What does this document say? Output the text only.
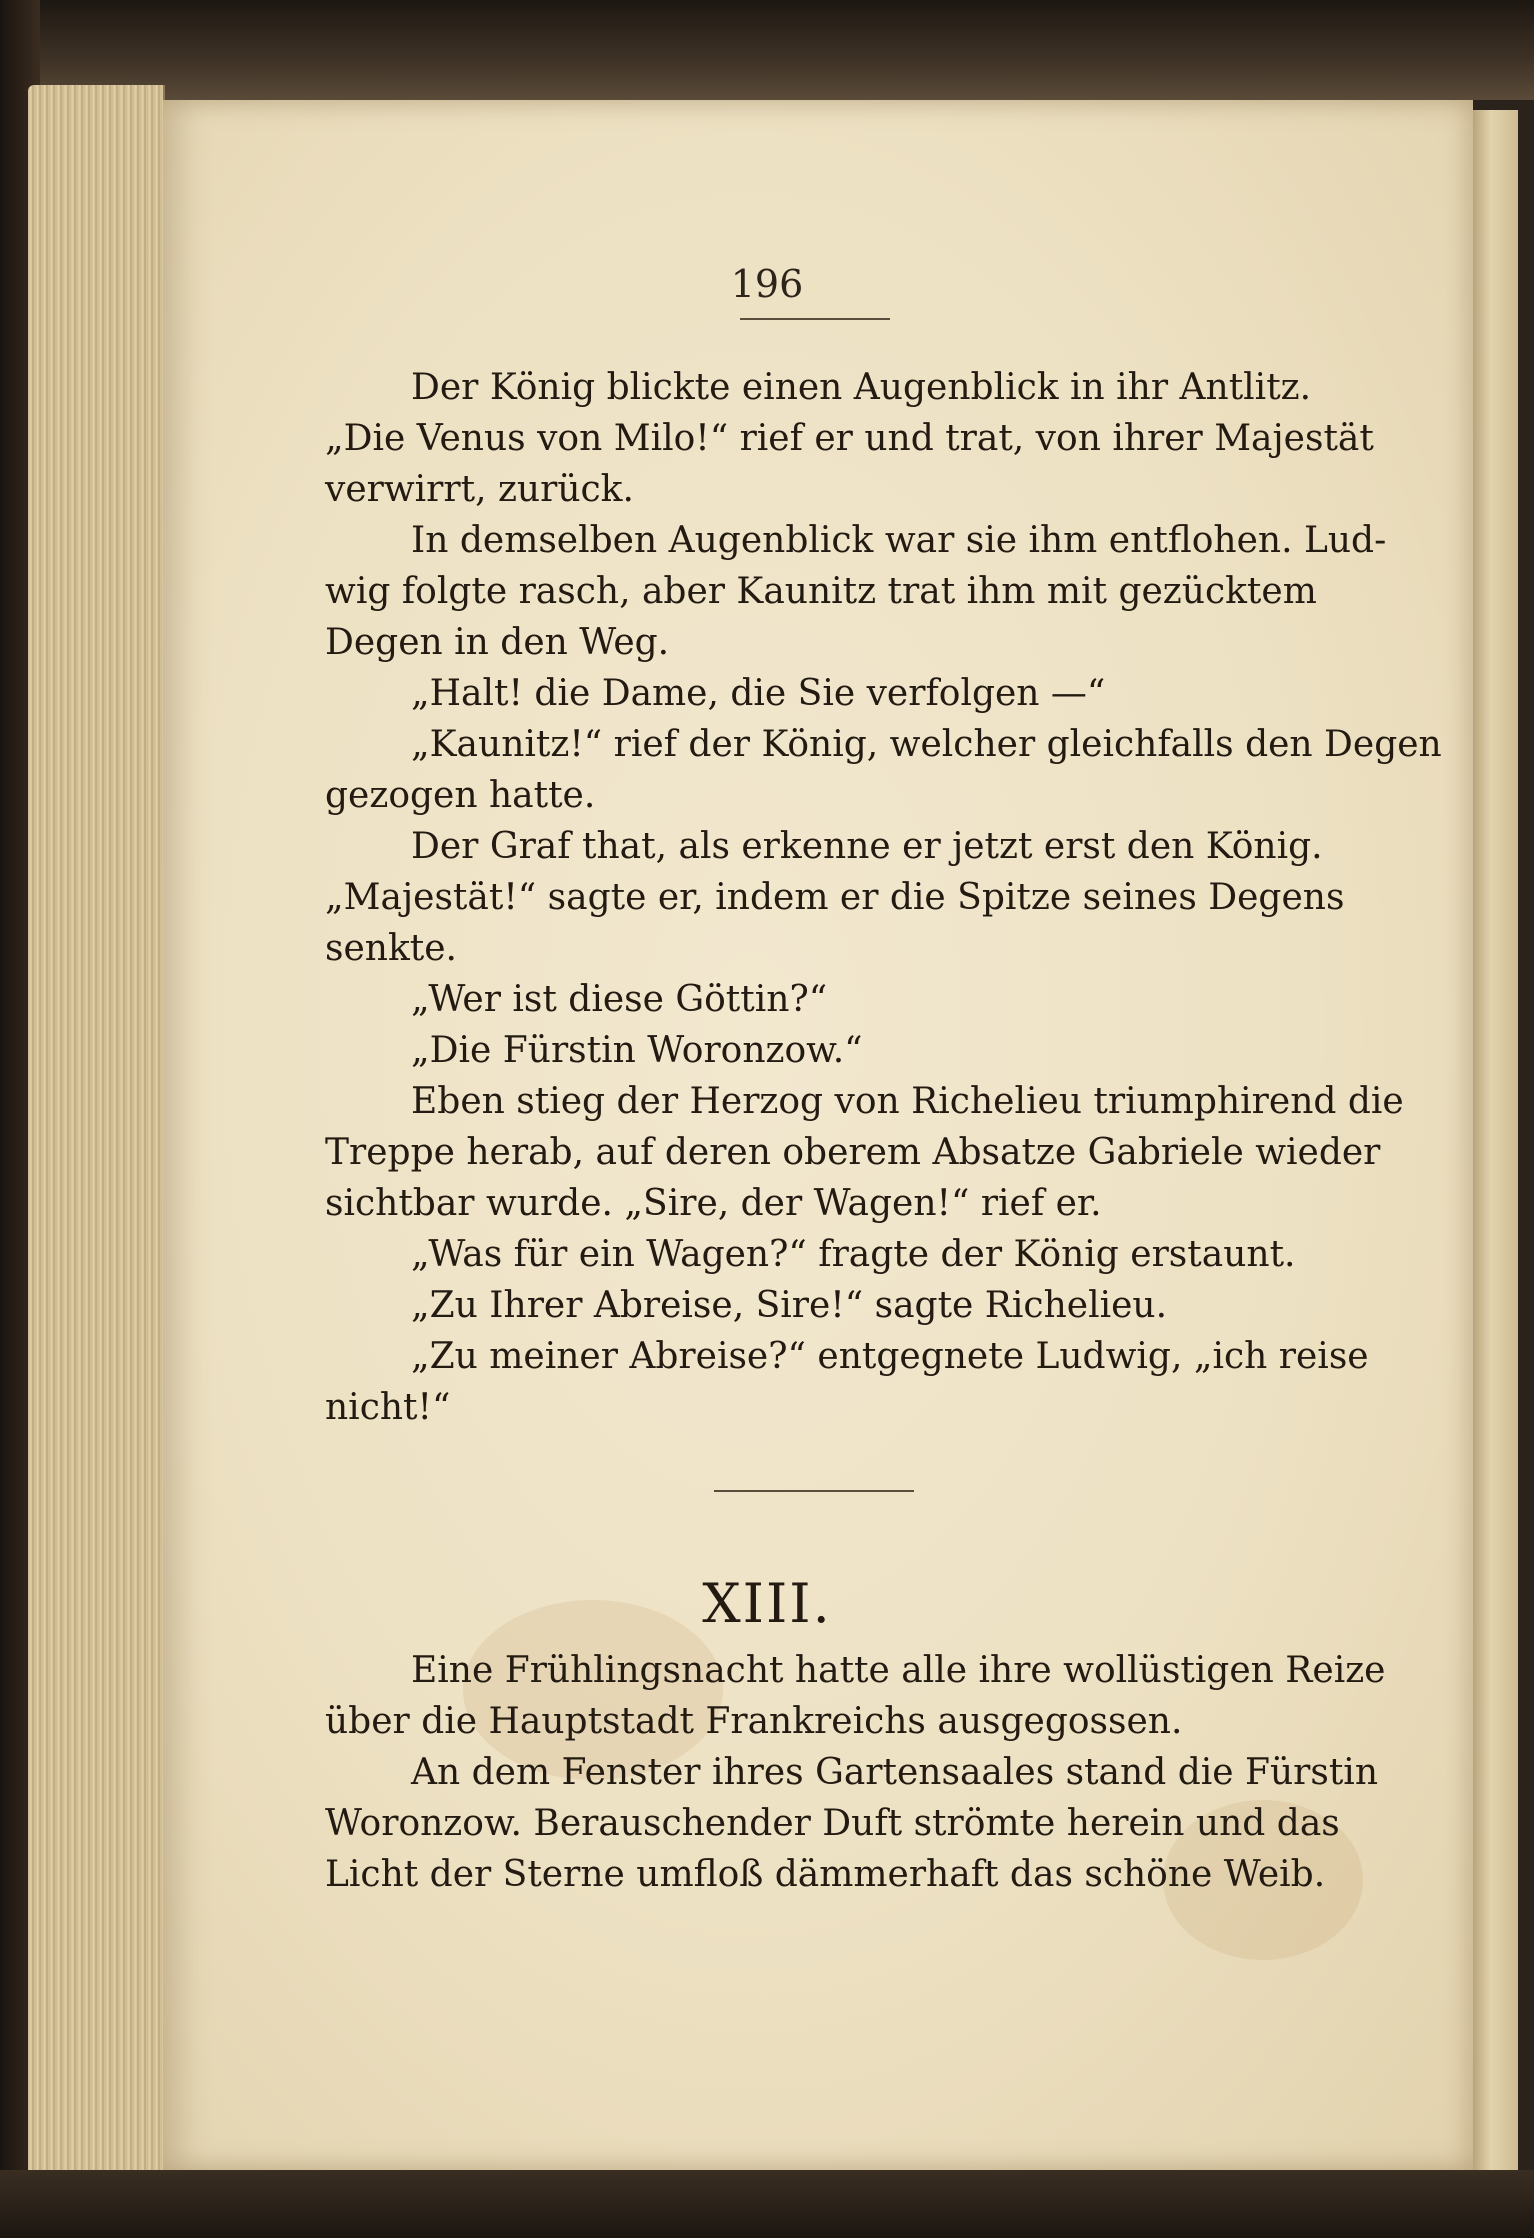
196
Der König blickte einen Augenblick in ihr Antlitz.
„Die Venus von Milo!“ rief er und trat, von ihrer Majestät
verwirrt, zurück.
In demselben Augenblick war sie ihm entflohen. Lud-
wig folgte rasch, aber Kaunitz trat ihm mit gezücktem
Degen in den Weg.
„Halt! die Dame, die Sie verfolgen —“
„Kaunitz!“ rief der König, welcher gleichfalls den Degen
gezogen hatte.
Der Graf that, als erkenne er jetzt erst den König.
„Majestät!“ sagte er, indem er die Spitze seines Degens
senkte.
„Wer ist diese Göttin?“
„Die Fürstin Woronzow.“
Eben stieg der Herzog von Richelieu triumphirend die
Treppe herab, auf deren oberem Absatze Gabriele wieder
sichtbar wurde. „Sire, der Wagen!“ rief er.
„Was für ein Wagen?“ fragte der König erstaunt.
„Zu Ihrer Abreise, Sire!“ sagte Richelieu.
„Zu meiner Abreise?“ entgegnete Ludwig, „ich reise
nicht!“
XIII.
Eine Frühlingsnacht hatte alle ihre wollüstigen Reize
über die Hauptstadt Frankreichs ausgegossen.
An dem Fenster ihres Gartensaales stand die Fürstin
Woronzow. Berauschender Duft strömte herein und das
Licht der Sterne umfloß dämmerhaft das schöne Weib.
